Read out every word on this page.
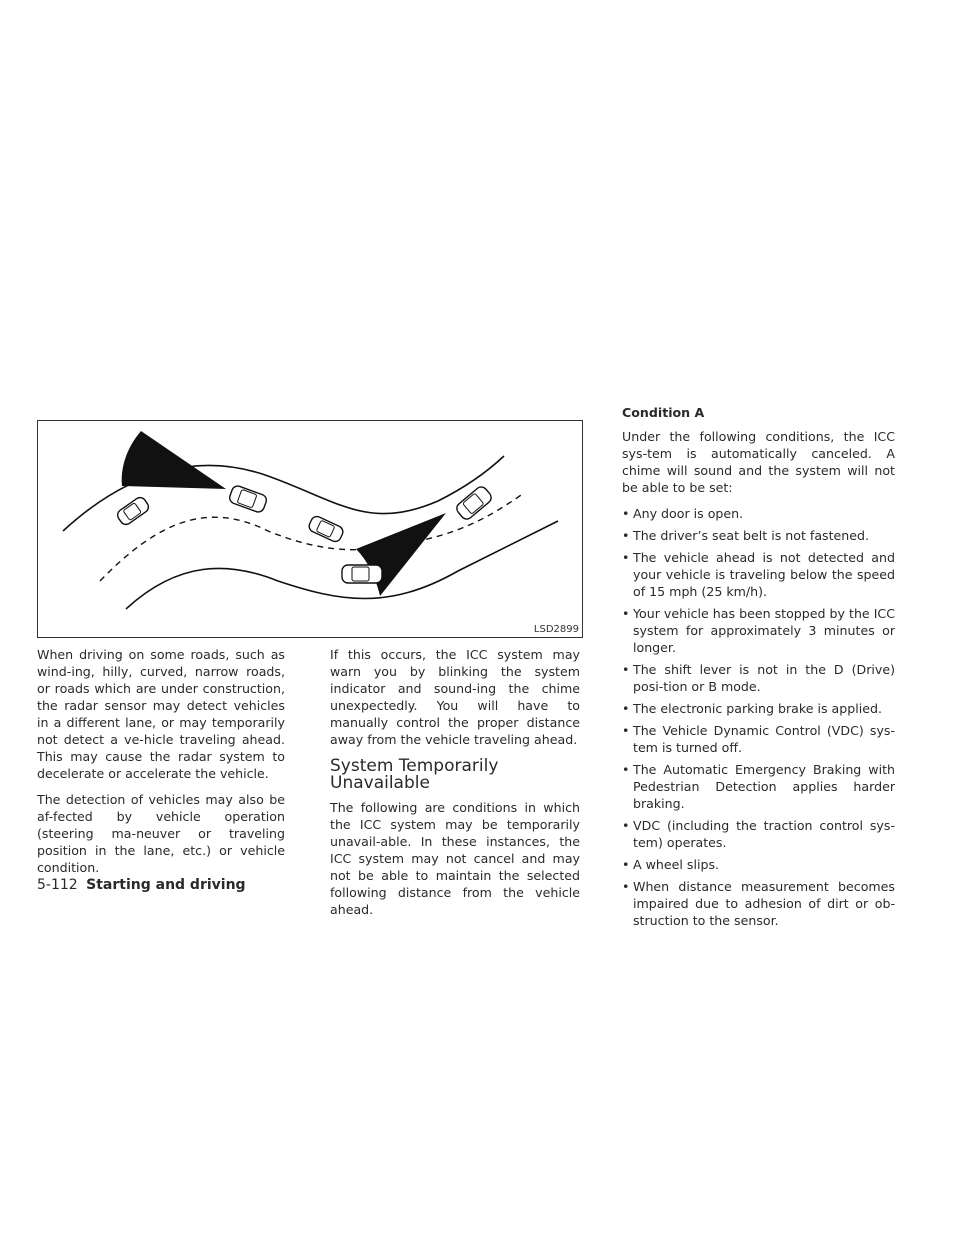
LSD2899

When driving on some roads, such as wind-ing, hilly, curved, narrow roads, or roads which are under construction, the radar sensor may detect vehicles in a different lane, or may temporarily not detect a ve-hicle traveling ahead. This may cause the radar system to decelerate or accelerate the vehicle.

The detection of vehicles may also be af-fected by vehicle operation (steering ma-neuver or traveling position in the lane, etc.) or vehicle condition.

If this occurs, the ICC system may warn you by blinking the system indicator and sound-ing the chime unexpectedly. You will have to manually control the proper distance away from the vehicle traveling ahead.

System Temporarily Unavailable

The following are conditions in which the ICC system may be temporarily unavail-able. In these instances, the ICC system may not cancel and may not be able to maintain the selected following distance from the vehicle ahead.

Condition A

Under the following conditions, the ICC sys-tem is automatically canceled. A chime will sound and the system will not be able to be set:

• Any door is open.
• The driver’s seat belt is not fastened.
• The vehicle ahead is not detected and your vehicle is traveling below the speed of 15 mph (25 km/h).
• Your vehicle has been stopped by the ICC system for approximately 3 minutes or longer.
• The shift lever is not in the D (Drive) posi-tion or B mode.
• The electronic parking brake is applied.
• The Vehicle Dynamic Control (VDC) sys-tem is turned off.
• The Automatic Emergency Braking with Pedestrian Detection applies harder braking.
• VDC (including the traction control sys-tem) operates.
• A wheel slips.
• When distance measurement becomes impaired due to adhesion of dirt or ob-struction to the sensor.
5-112 Starting and driving
